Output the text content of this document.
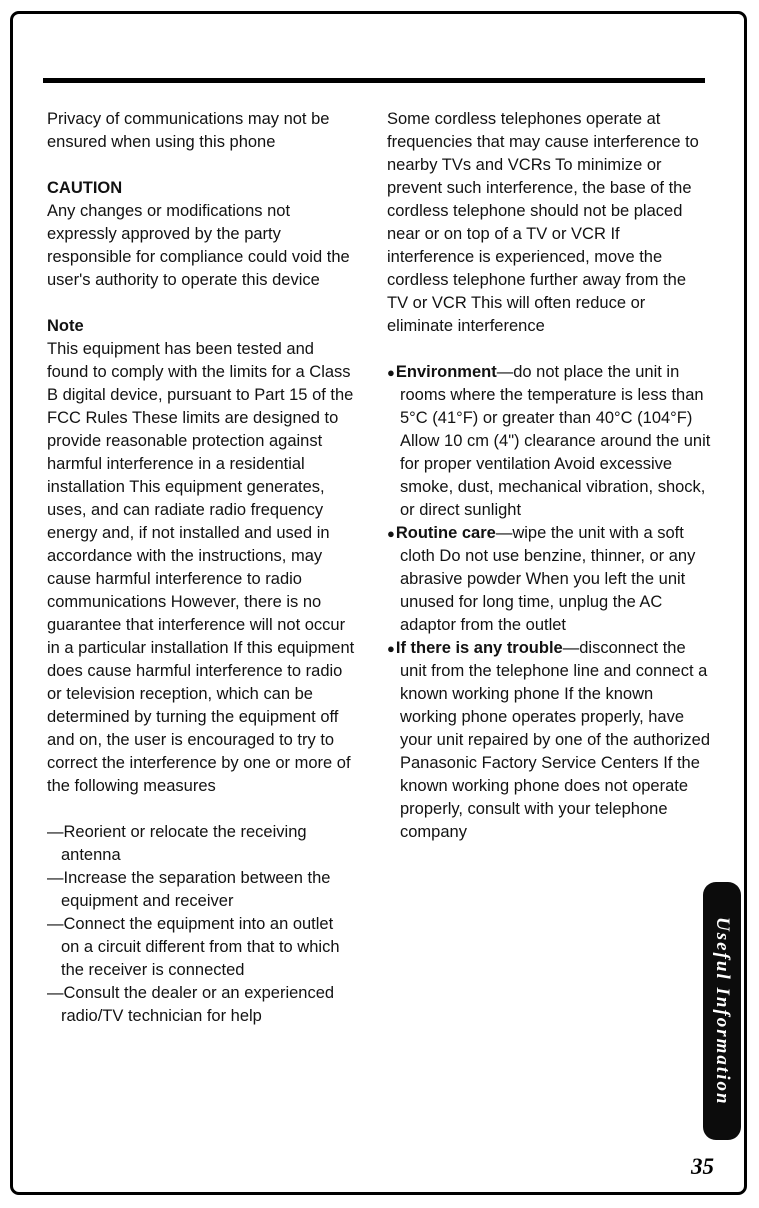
Privacy of communications may not be ensured when using this phone

CAUTION

Any changes or modifications not expressly approved by the party responsible for compliance could void the user's authority to operate this device

Note

This equipment has been tested and found to comply with the limits for a Class B digital device, pursuant to Part 15 of the FCC Rules These limits are designed to provide reasonable protection against harmful interference in a residential installation This equipment generates, uses, and can radiate radio frequency energy and, if not installed and used in accordance with the instructions, may cause harmful interference to radio communications However, there is no guarantee that interference will not occur in a particular installation If this equipment does cause harmful interference to radio or television reception, which can be determined by turning the equipment off and on, the user is encouraged to try to correct the interference by one or more of the following measures

—Reorient or relocate the receiving antenna
—Increase the separation between the equipment and receiver
—Connect the equipment into an outlet on a circuit different from that to which the receiver is connected
—Consult the dealer or an experienced radio/TV technician for help

Some cordless telephones operate at frequencies that may cause interference to nearby TVs and VCRs To minimize or prevent such interference, the base of the cordless telephone should not be placed near or on top of a TV or VCR If interference is experienced, move the cordless telephone further away from the TV or VCR This will often reduce or eliminate interference

●Environment—do not place the unit in rooms where the temperature is less than 5°C (41°F) or greater than 40°C (104°F) Allow 10 cm (4") clearance around the unit for proper ventilation Avoid excessive smoke, dust, mechanical vibration, shock, or direct sunlight
●Routine care—wipe the unit with a soft cloth Do not use benzine, thinner, or any abrasive powder When you left the unit unused for long time, unplug the AC adaptor from the outlet
●If there is any trouble—disconnect the unit from the telephone line and connect a known working phone If the known working phone operates properly, have your unit repaired by one of the authorized Panasonic Factory Service Centers If the known working phone does not operate properly, consult with your telephone company
Useful Information
35
